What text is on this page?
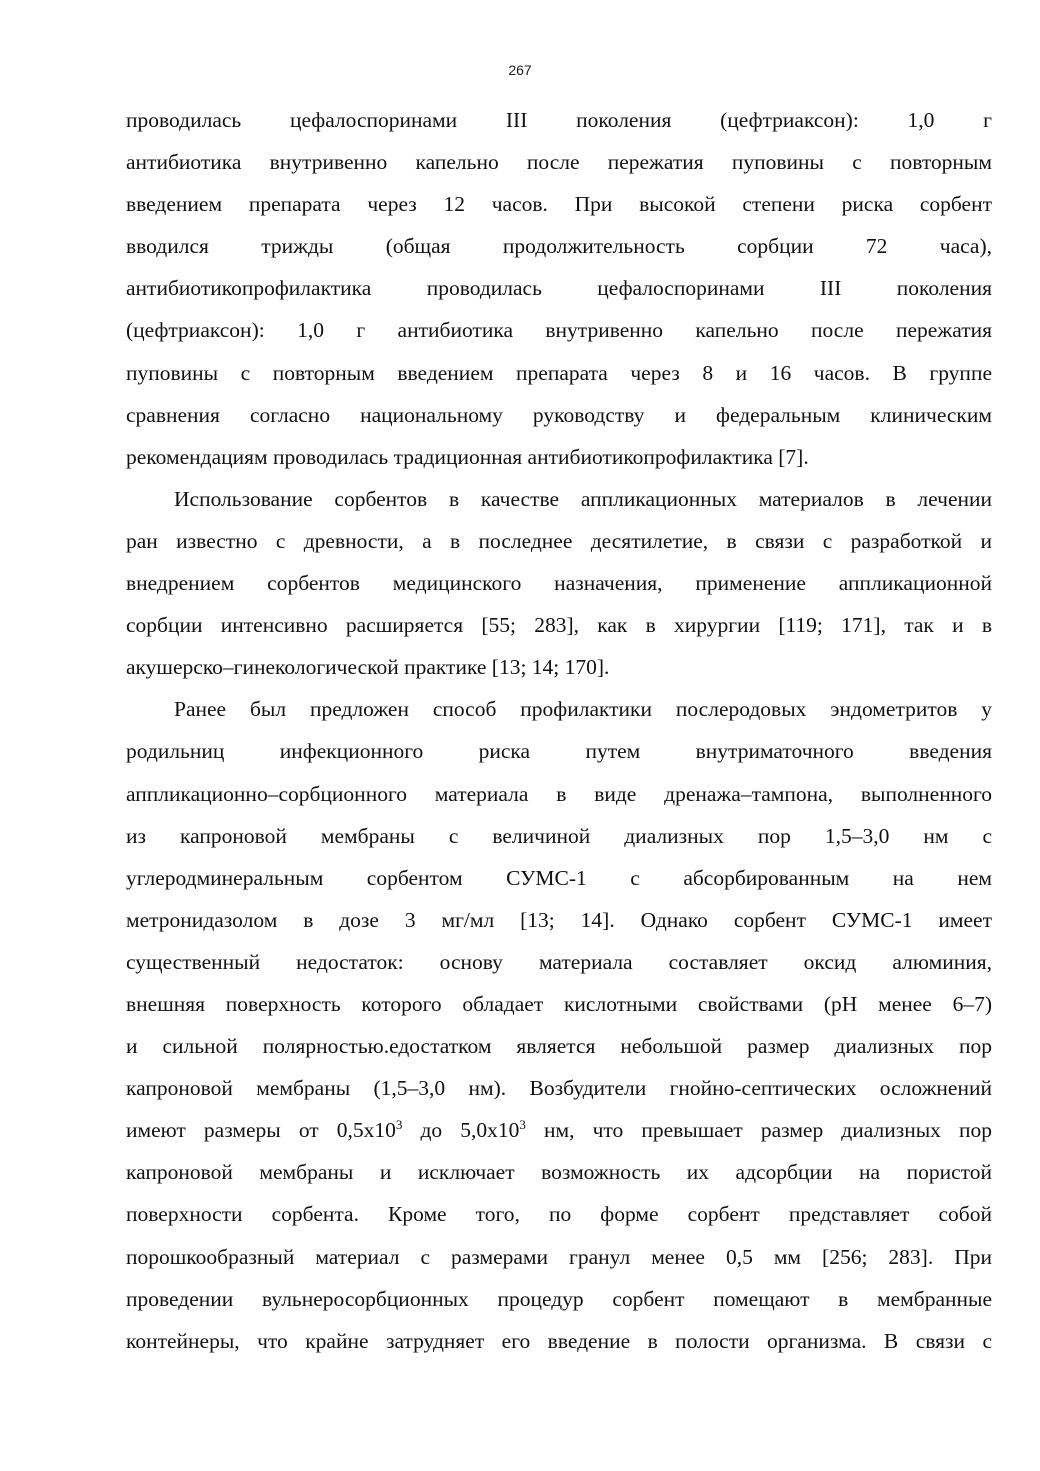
267
проводилась цефалоспоринами III поколения (цефтриаксон): 1,0 г
антибиотика внутривенно капельно после пережатия пуповины с повторным
введением препарата через 12 часов. При высокой степени риска сорбент
вводился трижды (общая продолжительность сорбции 72 часа),
антибиотикопрофилактика проводилась цефалоспоринами III поколения
(цефтриаксон): 1,0 г антибиотика внутривенно капельно после пережатия
пуповины с повторным введением препарата через 8 и 16 часов. В группе
сравнения согласно национальному руководству и федеральным клиническим
рекомендациям проводилась традиционная антибиотикопрофилактика [7].
Использование сорбентов в качестве аппликационных материалов в лечении
ран известно с древности, а в последнее десятилетие, в связи с разработкой и
внедрением сорбентов медицинского назначения, применение аппликационной
сорбции интенсивно расширяется [55; 283], как в хирургии [119; 171], так и в
акушерско–гинекологической практике [13; 14; 170].
Ранее был предложен способ профилактики послеродовых эндометритов у
родильниц инфекционного риска путем внутриматочного введения
аппликационно–сорбционного материала в виде дренажа–тампона, выполненного
из капроновой мембраны с величиной диализных пор 1,5–3,0 нм с
углеродминеральным сорбентом СУМС-1 с абсорбированным на нем
метронидазолом в дозе 3 мг/мл [13; 14]. Однако сорбент СУМС-1 имеет
существенный недостаток: основу материала составляет оксид алюминия,
внешняя поверхность которого обладает кислотными свойствами (pH менее 6–7)
и сильной полярностью.едостатком является небольшой размер диализных пор
капроновой мембраны (1,5–3,0 нм). Возбудители гнойно-септических осложнений
имеют размеры от $0,5х10^3$ до $5,0х10^3$ нм, что превышает размер диализных пор
капроновой мембраны и исключает возможность их адсорбции на пористой
поверхности сорбента. Кроме того, по форме сорбент представляет собой
порошкообразный материал с размерами гранул менее 0,5 мм [256; 283]. При
проведении вульнеросорбционных процедур сорбент помещают в мембранные
контейнеры, что крайне затрудняет его введение в полости организма. В связи с
